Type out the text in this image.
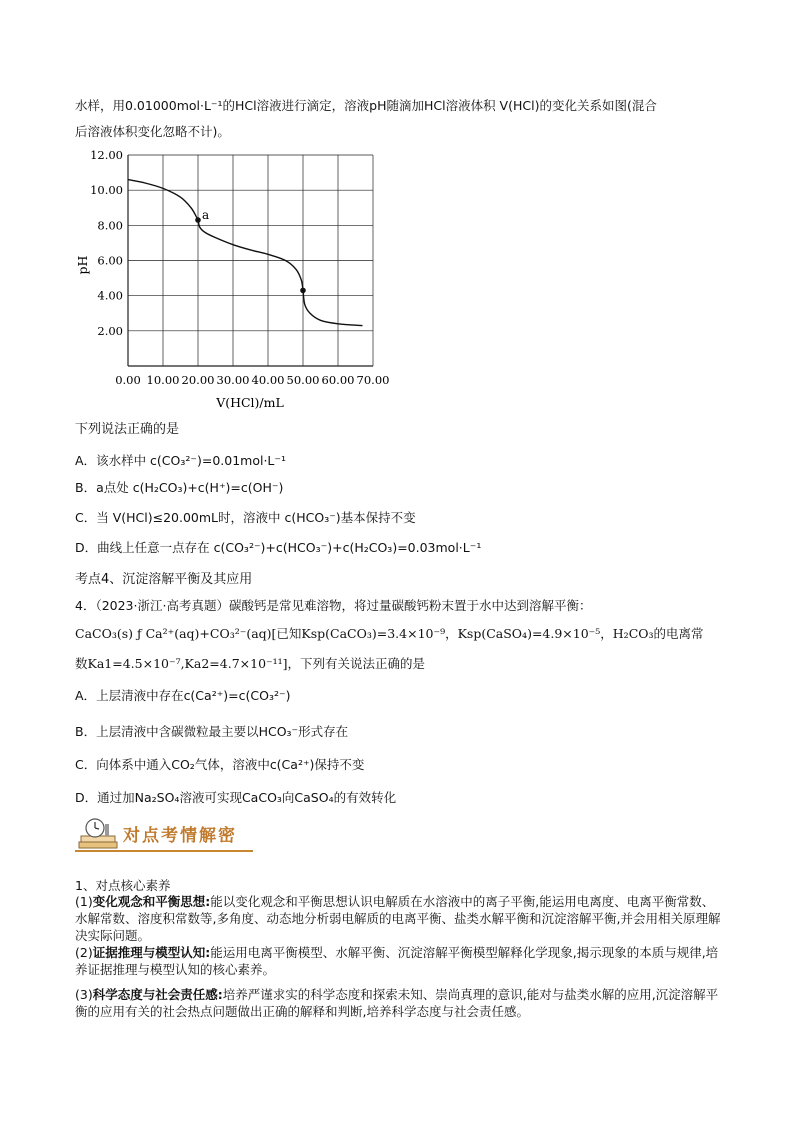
水样，用0.01000mol·L⁻¹的HCl溶液进行滴定，溶液pH随滴加HCl溶液体积 V(HCl)的变化关系如图(混合
后溶液体积变化忽略不计)。
0.00 10.00 20.00 30.00 40.00 50.00 60.00 70.00
2.00
4.00
6.00
8.00
10.00
12.00
a
V(HCl)/mL
pH
下列说法正确的是
A．该水样中 c(CO₃²⁻)=0.01mol·L⁻¹
B．a点处 c(H₂CO₃)+c(H⁺)=c(OH⁻)
C．当 V(HCl)≤20.00mL时，溶液中 c(HCO₃⁻)基本保持不变
D．曲线上任意一点存在 c(CO₃²⁻)+c(HCO₃⁻)+c(H₂CO₃)=0.03mol·L⁻¹
考点4、沉淀溶解平衡及其应用
4．（2023·浙江·高考真题）碳酸钙是常见难溶物，将过量碳酸钙粉末置于水中达到溶解平衡：
CaCO₃(s) ƒ Ca²⁺(aq)+CO₃²⁻(aq)[已知Ksp(CaCO₃)=3.4×10⁻⁹，Ksp(CaSO₄)=4.9×10⁻⁵，H₂CO₃的电离常
数Ka1=4.5×10⁻⁷,Ka2=4.7×10⁻¹¹]，下列有关说法正确的是
A．上层清液中存在c(Ca²⁺)=c(CO₃²⁻)
B．上层清液中含碳微粒最主要以HCO₃⁻形式存在
C．向体系中通入CO₂气体，溶液中c(Ca²⁺)保持不变
D．通过加Na₂SO₄溶液可实现CaCO₃向CaSO₄的有效转化
对点考情解密
1、对点核心素养
(1)变化观念和平衡思想:能以变化观念和平衡思想认识电解质在水溶液中的离子平衡,能运用电离度、电离平衡常数、水解常数、溶度积常数等,多角度、动态地分析弱电解质的电离平衡、盐类水解平衡和沉淀溶解平衡,并会用相关原理解决实际问题。
(2)证据推理与模型认知:能运用电离平衡模型、水解平衡、沉淀溶解平衡模型解释化学现象,揭示现象的本质与规律,培养证据推理与模型认知的核心素养。
(3)科学态度与社会责任感:培养严谨求实的科学态度和探索未知、崇尚真理的意识,能对与盐类水解的应用,沉淀溶解平衡的应用有关的社会热点问题做出正确的解释和判断,培养科学态度与社会责任感。
